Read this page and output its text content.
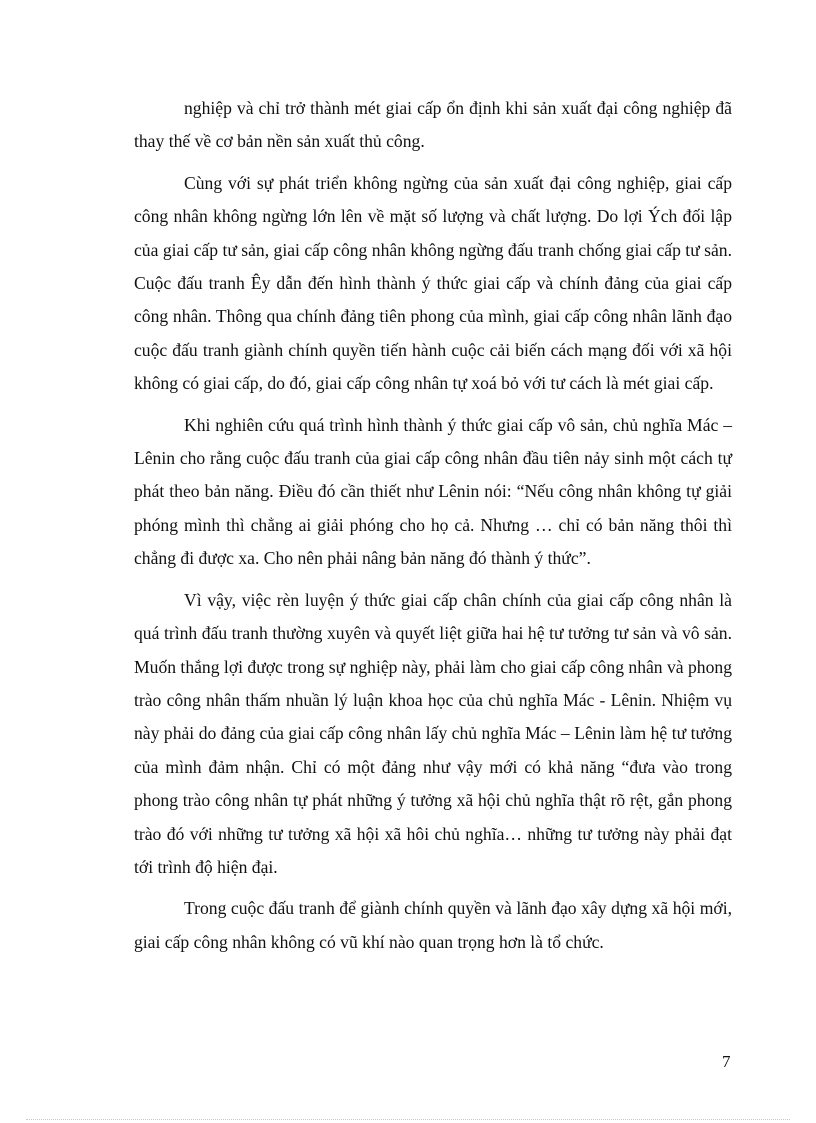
nghiệp và chỉ trở thành mét giai cấp ổn định khi sản xuất đại công nghiệp đã thay thế về cơ bản nền sản xuất thủ công.

Cùng với sự phát triển không ngừng của sản xuất đại công nghiệp, giai cấp công nhân không ngừng lớn lên về mặt số lượng và chất lượng. Do lợi Ých đối lập của giai cấp tư sản, giai cấp công nhân không ngừng đấu tranh chống giai cấp tư sản. Cuộc đấu tranh Êy dẫn đến hình thành ý thức giai cấp và chính đảng của giai cấp công nhân. Thông qua chính đảng tiên phong của mình, giai cấp công nhân lãnh đạo cuộc đấu tranh giành chính quyền tiến hành cuộc cải biến cách mạng đối với xã hội không có giai cấp, do đó, giai cấp công nhân tự xoá bỏ với tư cách là mét giai cấp.

Khi nghiên cứu quá trình hình thành ý thức giai cấp vô sản, chủ nghĩa Mác – Lênin cho rằng cuộc đấu tranh của giai cấp công nhân đầu tiên nảy sinh một cách tự phát theo bản năng. Điều đó cần thiết như Lênin nói: “Nếu công nhân không tự giải phóng mình thì chẳng ai giải phóng cho họ cả. Nhưng … chỉ có bản năng thôi thì chẳng đi được xa. Cho nên phải nâng bản năng đó thành ý thức”.

Vì vậy, việc rèn luyện ý thức giai cấp chân chính của giai cấp công nhân là quá trình đấu tranh thường xuyên và quyết liệt giữa hai hệ tư tưởng tư sản và vô sản. Muốn thắng lợi được trong sự nghiệp này, phải làm cho giai cấp công nhân và phong trào công nhân thấm nhuần lý luận khoa học của chủ nghĩa Mác - Lênin. Nhiệm vụ này phải do đảng của giai cấp công nhân lấy chủ nghĩa Mác – Lênin làm hệ tư tưởng của mình đảm nhận. Chỉ có một đảng như vậy mới có khả năng “đưa vào trong phong trào công nhân tự phát những ý tưởng xã hội chủ nghĩa thật rõ rệt, gắn phong trào đó với những tư tưởng xã hội xã hôi chủ nghĩa… những tư tưởng này phải đạt tới trình độ hiện đại.

Trong cuộc đấu tranh để giành chính quyền và lãnh đạo xây dựng xã hội mới, giai cấp công nhân không có vũ khí nào quan trọng hơn là tổ chức.

7
